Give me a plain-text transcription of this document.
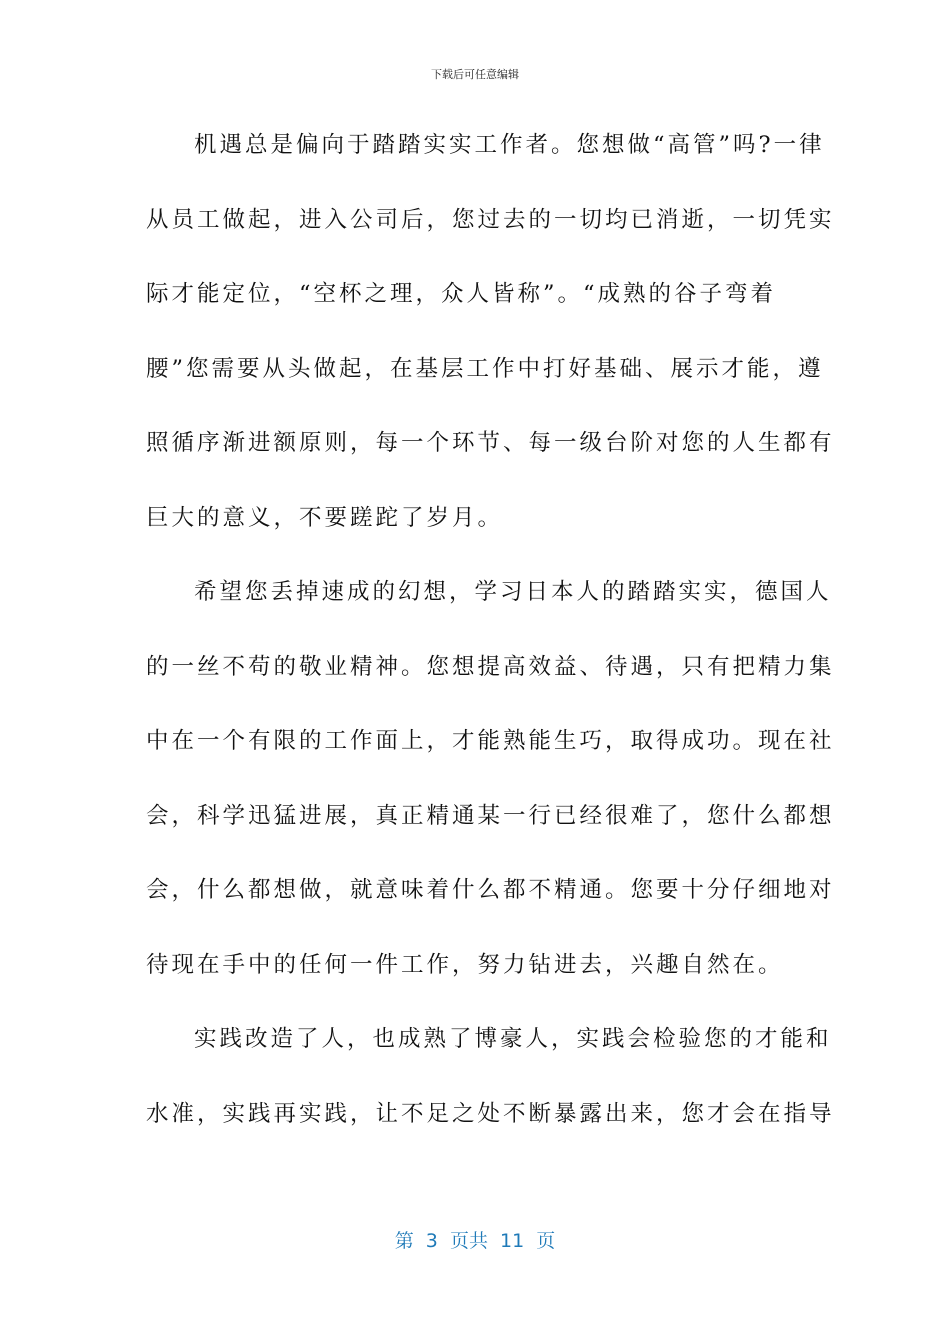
下载后可任意编辑
机遇总是偏向于踏踏实实工作者。您想做“高管”吗?一律
从员工做起，进入公司后，您过去的一切均已消逝，一切凭实
际才能定位，“空杯之理，众人皆称”。“成熟的谷子弯着
腰”您需要从头做起，在基层工作中打好基础、展示才能，遵
照循序渐进额原则，每一个环节、每一级台阶对您的人生都有
巨大的意义，不要蹉跎了岁月。
希望您丢掉速成的幻想，学习日本人的踏踏实实，德国人
的一丝不苟的敬业精神。您想提高效益、待遇，只有把精力集
中在一个有限的工作面上，才能熟能生巧，取得成功。现在社
会，科学迅猛进展，真正精通某一行已经很难了，您什么都想
会，什么都想做，就意味着什么都不精通。您要十分仔细地对
待现在手中的任何一件工作，努力钻进去，兴趣自然在。
实践改造了人，也成熟了博豪人，实践会检验您的才能和
水准，实践再实践，让不足之处不断暴露出来，您才会在指导
第 3 页共 11 页
